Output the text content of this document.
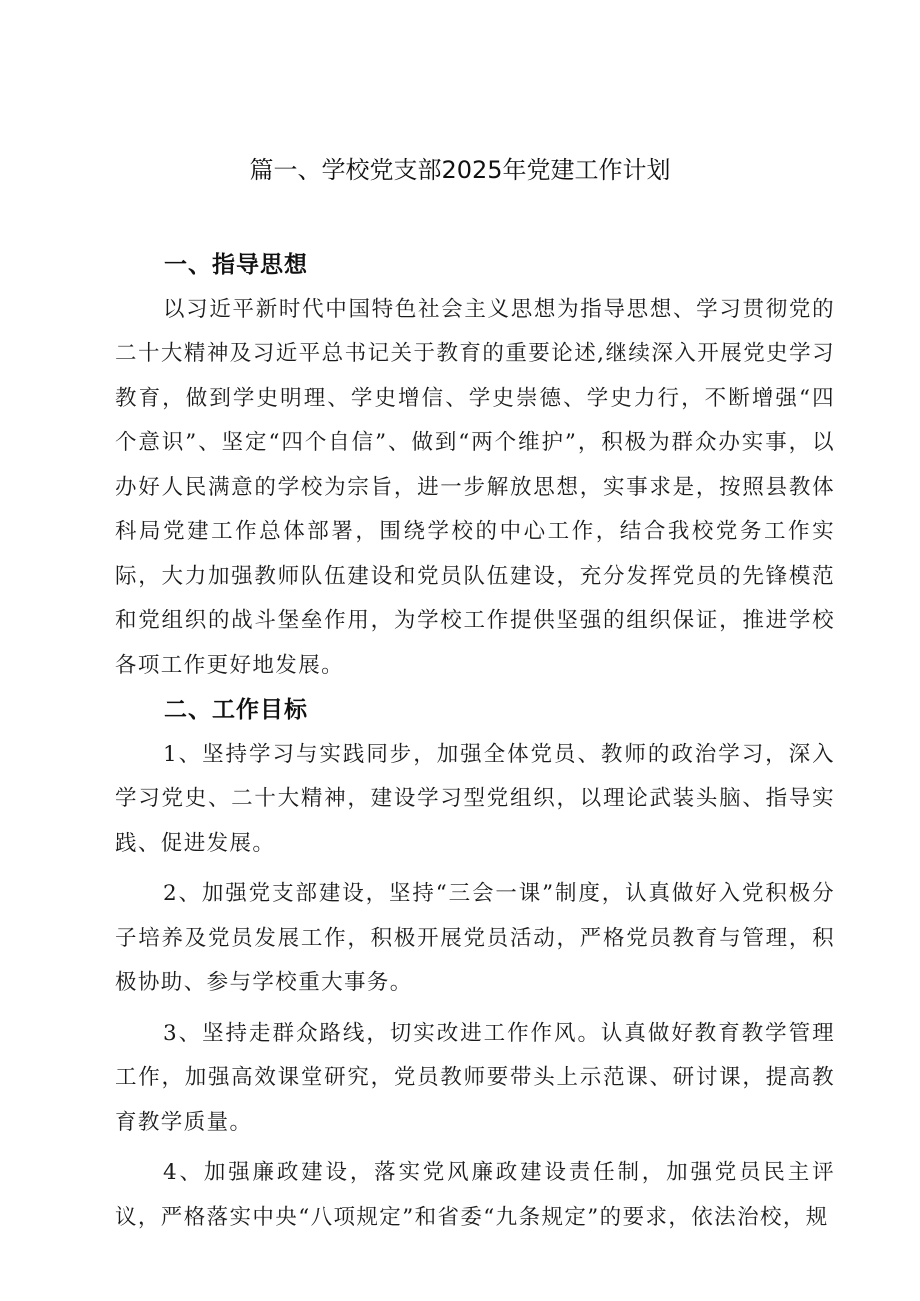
篇一、学校党支部2025年党建工作计划
一、指导思想

以习近平新时代中国特色社会主义思想为指导思想、学习贯彻党的二十大精神及习近平总书记关于教育的重要论述,继续深入开展党史学习教育，做到学史明理、学史增信、学史崇德、学史力行，不断增强“四个意识”、坚定“四个自信”、做到“两个维护”，积极为群众办实事，以办好人民满意的学校为宗旨，进一步解放思想，实事求是，按照县教体科局党建工作总体部署，围绕学校的中心工作，结合我校党务工作实际，大力加强教师队伍建设和党员队伍建设，充分发挥党员的先锋模范和党组织的战斗堡垒作用，为学校工作提供坚强的组织保证，推进学校各项工作更好地发展。

二、工作目标

1、坚持学习与实践同步，加强全体党员、教师的政治学习，深入学习党史、二十大精神，建设学习型党组织，以理论武装头脑、指导实践、促进发展。

2、加强党支部建设，坚持“三会一课”制度，认真做好入党积极分子培养及党员发展工作，积极开展党员活动，严格党员教育与管理，积极协助、参与学校重大事务。

3、坚持走群众路线，切实改进工作作风。认真做好教育教学管理工作，加强高效课堂研究，党员教师要带头上示范课、研讨课，提高教育教学质量。

4、加强廉政建设，落实党风廉政建设责任制，加强党员民主评议，严格落实中央“八项规定”和省委“九条规定”的要求，依法治校，规
